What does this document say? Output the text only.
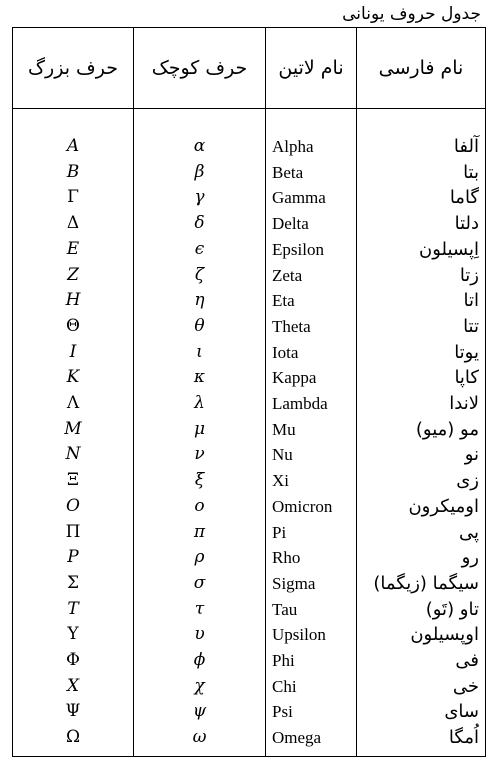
جدول حروف یونانی
حرف بزرگ	حرف کوچک	نام لاتین	نام فارسی
A	α	Alpha	آلفا
B	β	Beta	بتا
Γ	γ	Gamma	گاما
Δ	δ	Delta	دلتا
E	ϵ	Epsilon	اِپسیلون
Z	ζ	Zeta	زتا
H	η	Eta	اتا
Θ	θ	Theta	تتا
I	ι	Iota	یوتا
K	κ	Kappa	کاپا
Λ	λ	Lambda	لاندا
M	μ	Mu	مو (میو)
N	ν	Nu	نو
Ξ	ξ	Xi	زی
O	o	Omicron	اومیکرون
Π	π	Pi	پی
P	ρ	Rho	رو
Σ	σ	Sigma	سیگما (زیگما)
T	τ	Tau	تاو (تَو)
Υ	υ	Upsilon	اوپسیلون
Φ	ϕ	Phi	فی
X	χ	Chi	خی
Ψ	ψ	Psi	سای
Ω	ω	Omega	اُمگا
